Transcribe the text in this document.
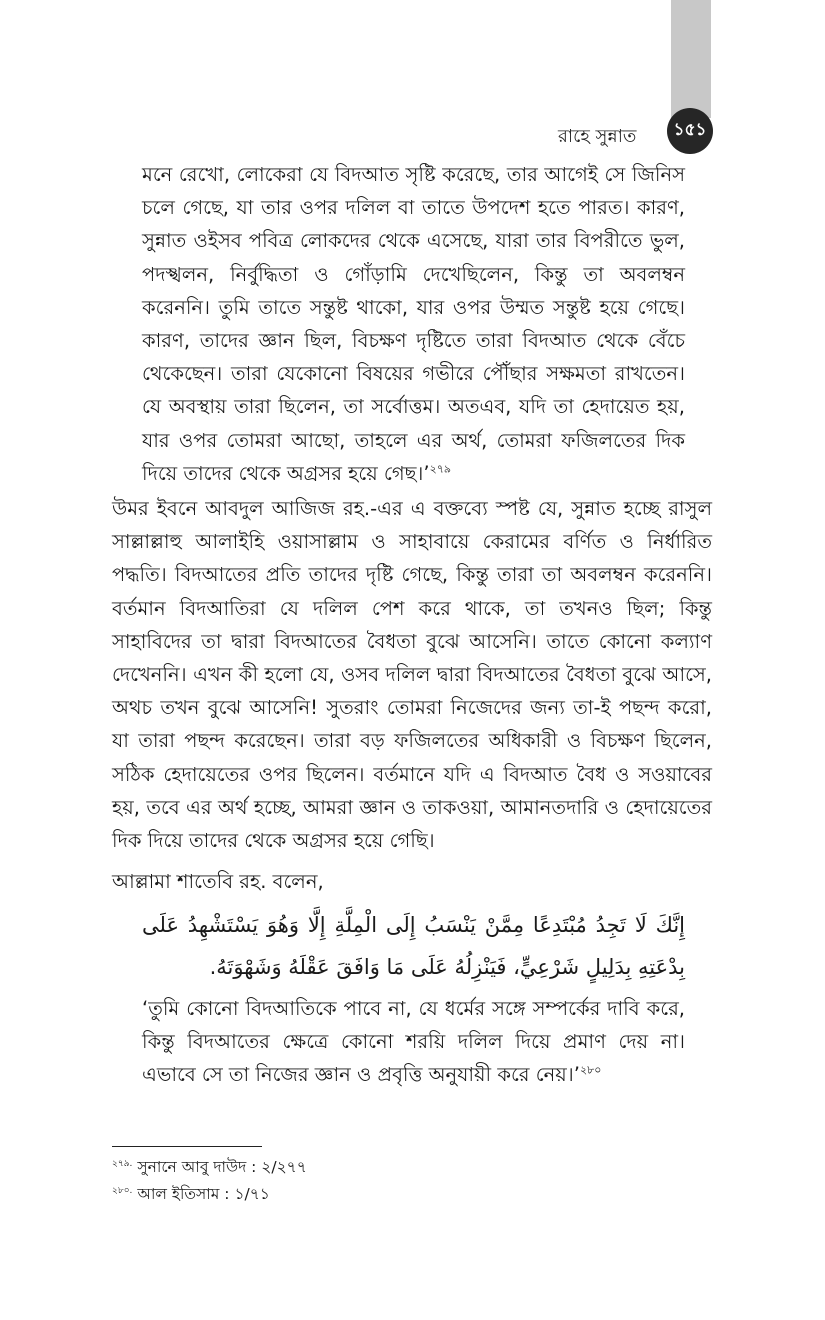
১৫১
রাহে সুন্নাত

মনে রেখো, লোকেরা যে বিদআত সৃষ্টি করেছে, তার আগেই সে জিনিস চলে গেছে, যা তার ওপর দলিল বা তাতে উপদেশ হতে পারত। কারণ, সুন্নাত ওইসব পবিত্র লোকদের থেকে এসেছে, যারা তার বিপরীতে ভুল, পদস্খলন, নির্বুদ্ধিতা ও গোঁড়ামি দেখেছিলেন, কিন্তু তা অবলম্বন করেননি। তুমি তাতে সন্তুষ্ট থাকো, যার ওপর উম্মত সন্তুষ্ট হয়ে গেছে। কারণ, তাদের জ্ঞান ছিল, বিচক্ষণ দৃষ্টিতে তারা বিদআত থেকে বেঁচে থেকেছেন। তারা যেকোনো বিষয়ের গভীরে পৌঁছার সক্ষমতা রাখতেন। যে অবস্থায় তারা ছিলেন, তা সর্বোত্তম। অতএব, যদি তা হেদায়েত হয়, যার ওপর তোমরা আছো, তাহলে এর অর্থ, তোমরা ফজিলতের দিক দিয়ে তাদের থেকে অগ্রসর হয়ে গেছ।’$^{২৭৯}$

উমর ইবনে আবদুল আজিজ রহ.-এর এ বক্তব্যে স্পষ্ট যে, সুন্নাত হচ্ছে রাসুল সাল্লাল্লাহু আলাইহি ওয়াসাল্লাম ও সাহাবায়ে কেরামের বর্ণিত ও নির্ধারিত পদ্ধতি। বিদআতের প্রতি তাদের দৃষ্টি গেছে, কিন্তু তারা তা অবলম্বন করেননি। বর্তমান বিদআতিরা যে দলিল পেশ করে থাকে, তা তখনও ছিল; কিন্তু সাহাবিদের তা দ্বারা বিদআতের বৈধতা বুঝে আসেনি। তাতে কোনো কল্যাণ দেখেননি। এখন কী হলো যে, ওসব দলিল দ্বারা বিদআতের বৈধতা বুঝে আসে, অথচ তখন বুঝে আসেনি! সুতরাং তোমরা নিজেদের জন্য তা-ই পছন্দ করো, যা তারা পছন্দ করেছেন। তারা বড় ফজিলতের অধিকারী ও বিচক্ষণ ছিলেন, সঠিক হেদায়েতের ওপর ছিলেন। বর্তমানে যদি এ বিদআত বৈধ ও সওয়াবের হয়, তবে এর অর্থ হচ্ছে, আমরা জ্ঞান ও তাকওয়া, আমানতদারি ও হেদায়েতের দিক দিয়ে তাদের থেকে অগ্রসর হয়ে গেছি।

আল্লামা শাতেবি রহ. বলেন,

إِنَّكَ لَا تَجِدُ مُبْتَدِعًا مِمَّنْ يَنْسَبُ إِلَى الْمِلَّةِ إِلَّا وَهُوَ يَسْتَشْهِدُ عَلَى بِدْعَتِهِ بِدَلِيلٍ شَرْعِيٍّ، فَيَنْزِلُهُ عَلَى مَا وَافَقَ عَقْلَهُ وَشَهْوَتَهُ.

‘তুমি কোনো বিদআতিকে পাবে না, যে ধর্মের সঙ্গে সম্পর্কের দাবি করে, কিন্তু বিদআতের ক্ষেত্রে কোনো শরয়ি দলিল দিয়ে প্রমাণ দেয় না। এভাবে সে তা নিজের জ্ঞান ও প্রবৃত্তি অনুযায়ী করে নেয়।’$^{২৮০}$

$^{২৭৯.}$ সুনানে আবু দাউদ : ২/২৭৭

$^{২৮০.}$ আল ইতিসাম : ১/৭১
